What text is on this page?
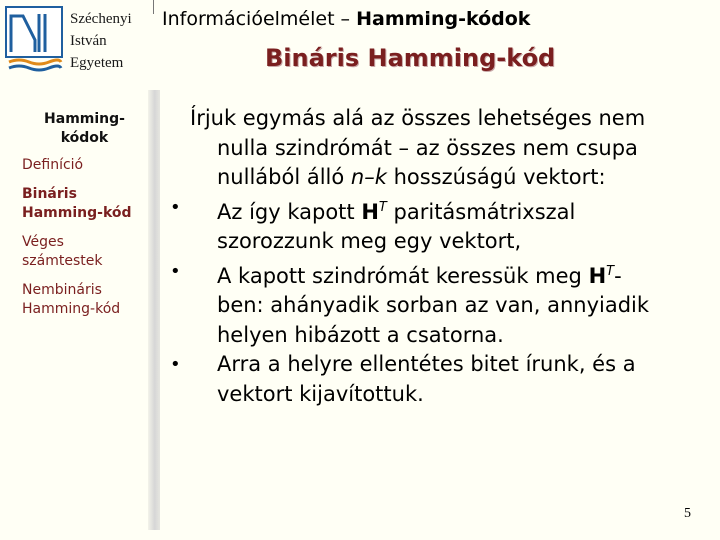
Széchenyi
István
Egyetem
Információelmélet – Hamming-kódok
Bináris Hamming-kód
Hamming-kódok
Definíció
Bináris Hamming-kód
Véges számtestek
Nembináris Hamming-kód
Írjuk egymás alá az összes lehetséges nem
nulla szindrómát – az összes nem csupa
nullából álló n–k hosszúságú vektort:
• Az így kapott $H^T$ paritásmátrixszal
szorozzunk meg egy vektort,
• A kapott szindrómát keressük meg $H^T-$
ben: ahányadik sorban az van, annyiadik
helyen hibázott a csatorna.
• Arra a helyre ellentétes bitet írunk, és a
vektort kijavítottuk.
5
